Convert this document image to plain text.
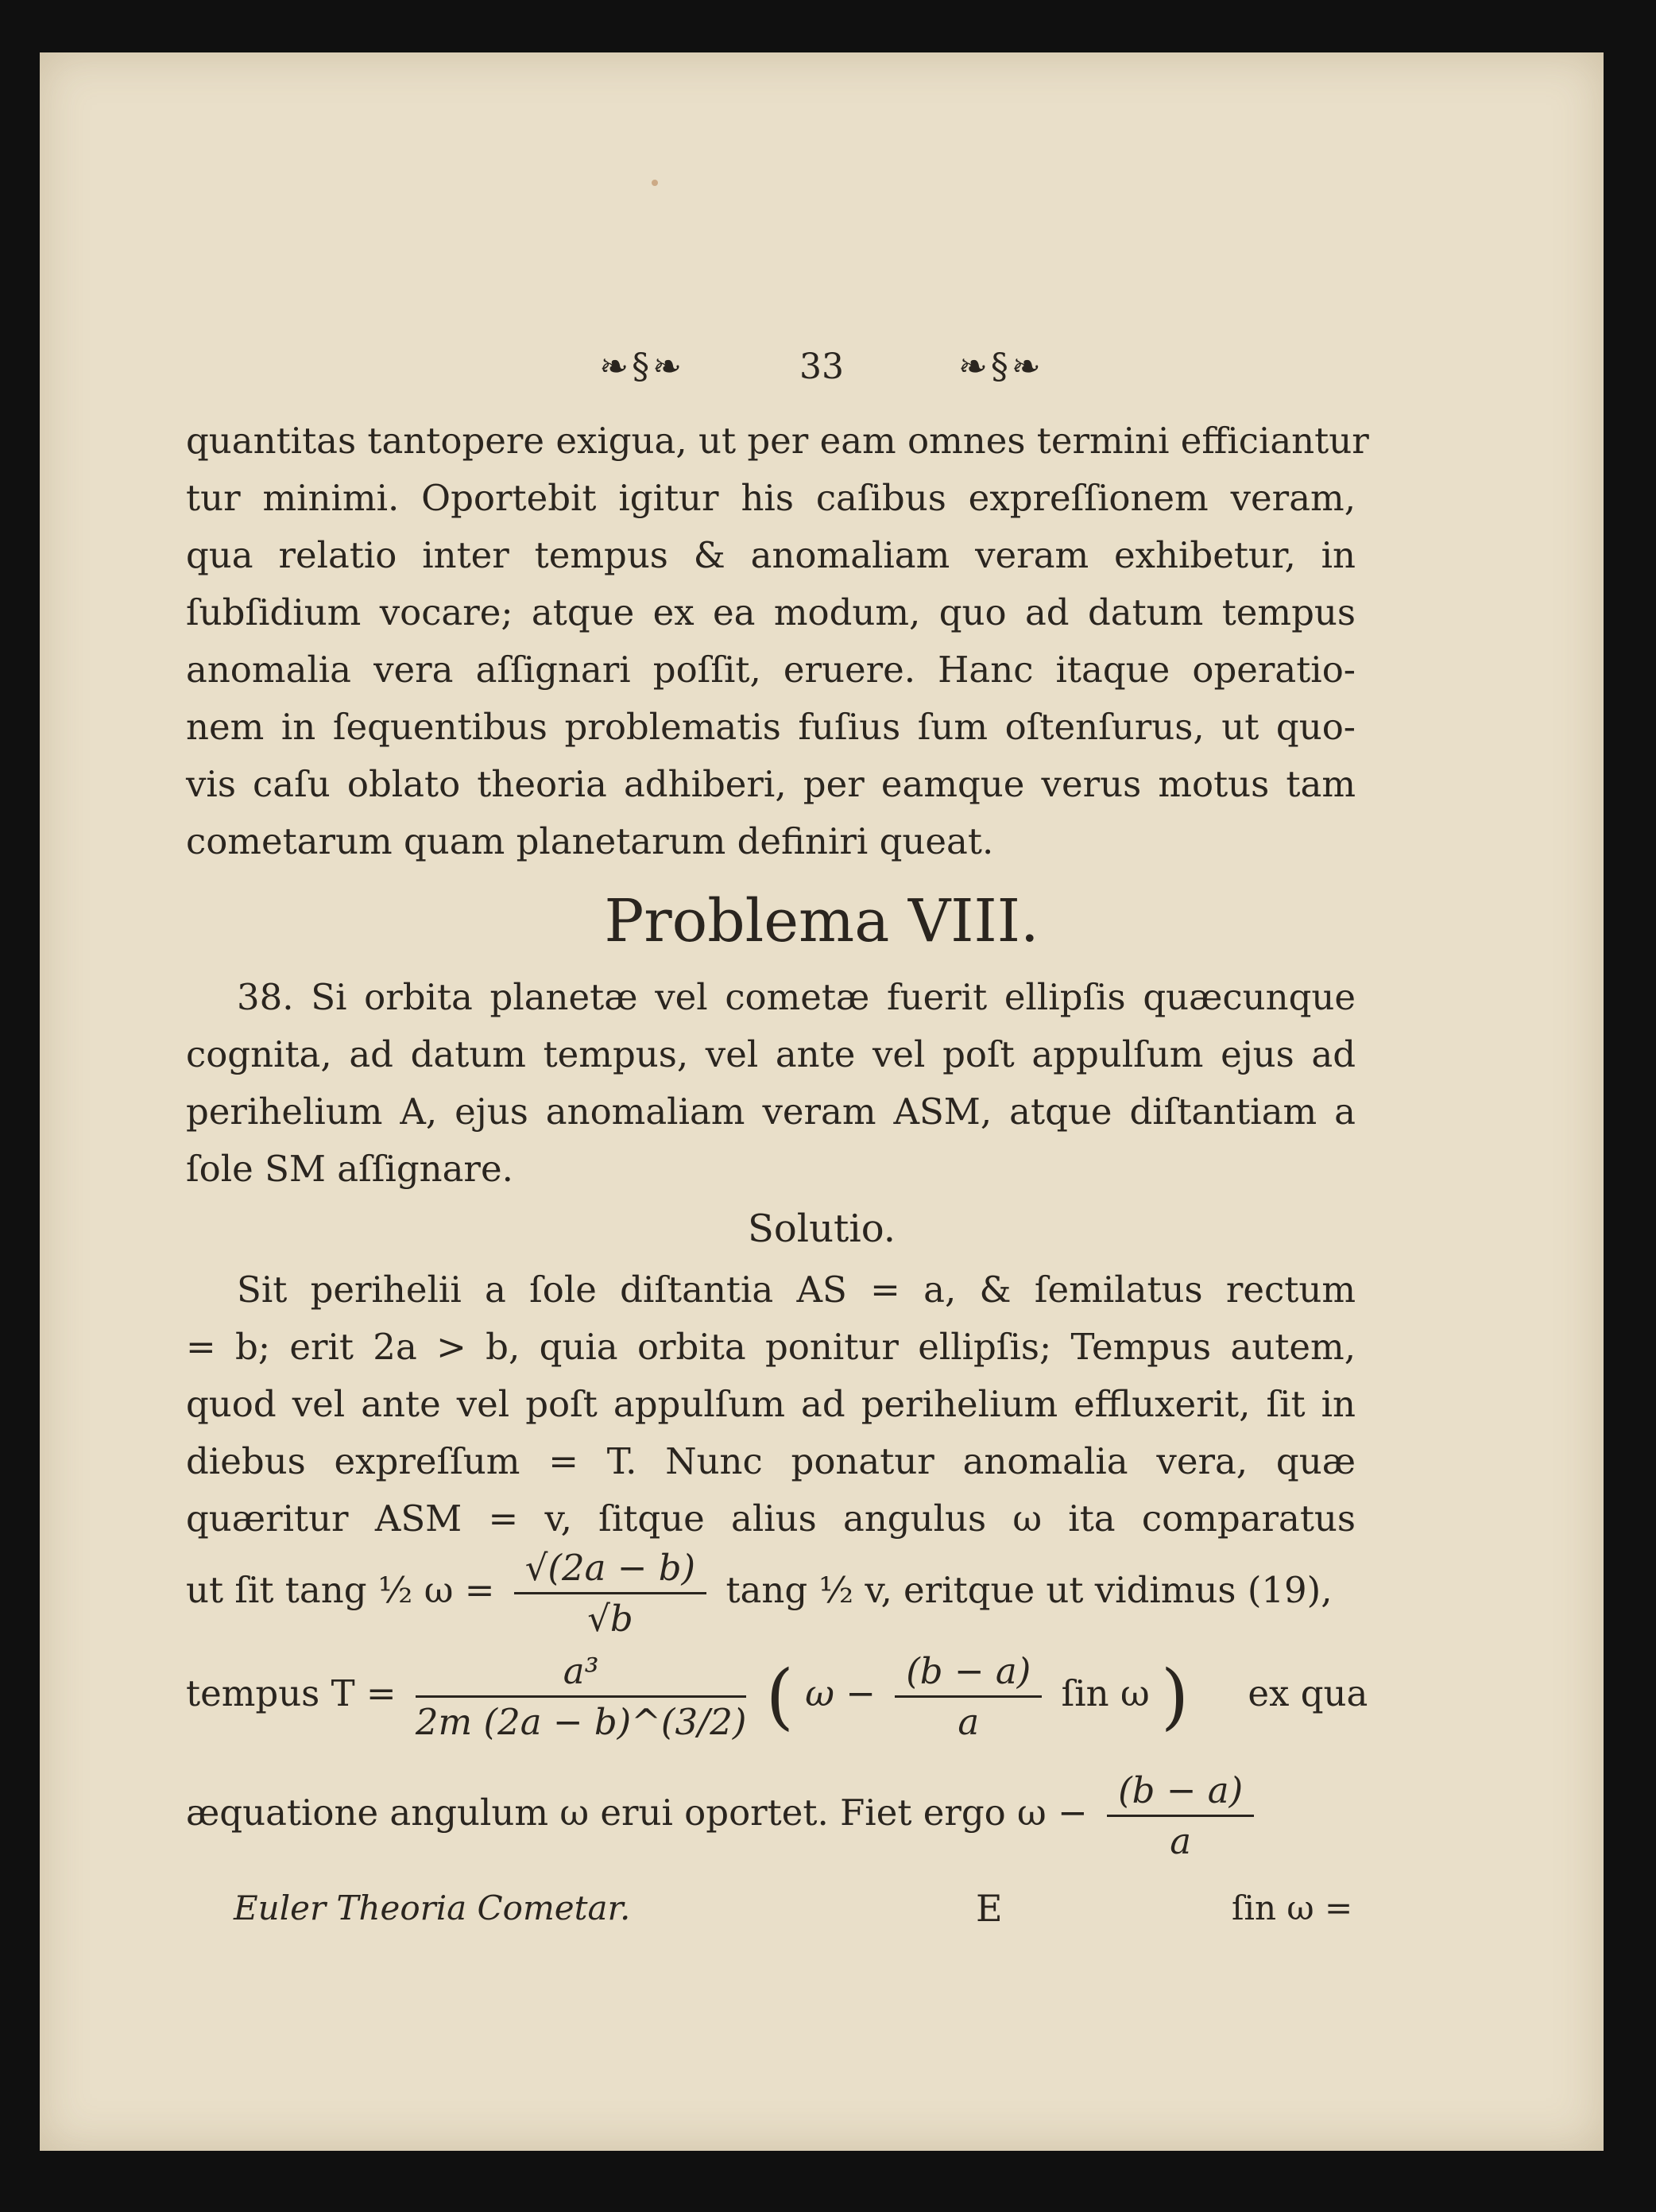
❧§❧	33	❧§❧
quantitas tantopere exigua, ut per eam omnes termini efficiantur
tur minimi. Oportebit igitur his caſibus expreſſionem veram,
qua relatio inter tempus & anomaliam veram exhibetur, in
ſubſidium vocare; atque ex ea modum, quo ad datum tempus
anomalia vera aſſignari poſſit, eruere. Hanc itaque operatio-
nem in ſequentibus problematis fuſius ſum oſtenſurus, ut quo-
vis caſu oblato theoria adhiberi, per eamque verus motus tam
cometarum quam planetarum definiri queat.
Problema VIII.
38. Si orbita planetæ vel cometæ fuerit ellipſis quæcunque
cognita, ad datum tempus, vel ante vel poſt appulſum ejus ad
perihelium A, ejus anomaliam veram ASM, atque diſtantiam a
ſole SM aſſignare.
Solutio.
Sit perihelii a ſole diſtantia AS = a, & ſemilatus rectum
= b; erit 2a > b, quia orbita ponitur ellipſis; Tempus autem,
quod vel ante vel poſt appulſum ad perihelium effluxerit, ſit in
diebus expreſſum = T. Nunc ponatur anomalia vera, quæ
quæritur ASM = v, ſitque alius angulus ω ita comparatus
ut ſit tang ½ $\omega = \frac{√(2a - b)}{√b}$ tang ½ v, eritque ut vidimus (19),
tempus $T = \frac{\text{a³}}{2m (2a - b)\^{}(3/2)}$ ( $\omega - \frac{(b - a)}{a}$ ſin ω ) ex qua
æquatione angulum ω erui oportet. Fiet ergo $\omega - \frac{(b - a)}{a}$
Euler Theoria Cometar.	E	ſin ω =
